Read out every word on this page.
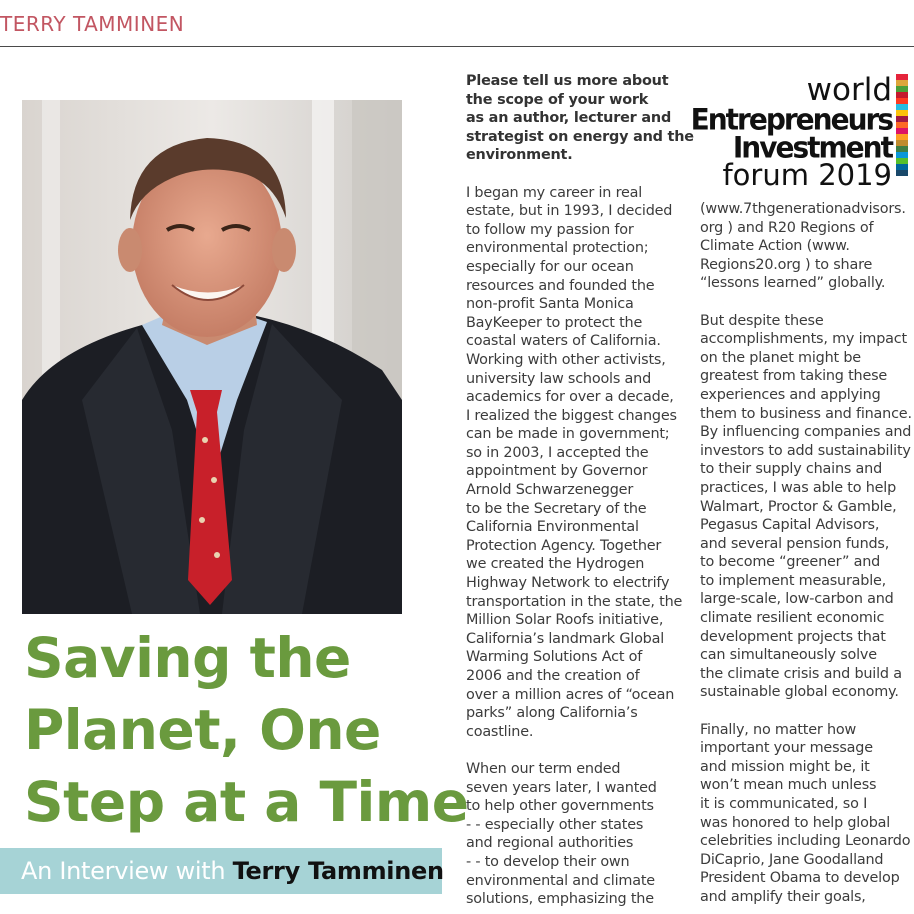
TERRY TAMMINEN
Saving the
Planet, One
Step at a Time
An Interview with Terry Tamminen
Please tell us more about
the scope of your work
as an author, lecturer and
strategist on energy and the
environment.
I began my career in real
estate, but in 1993, I decided
to follow my passion for
environmental protection;
especially for our ocean
resources and founded the
non-profit Santa Monica
BayKeeper to protect the
coastal waters of California.
Working with other activists,
university law schools and
academics for over a decade,
I realized the biggest changes
can be made in government;
so in 2003, I accepted the
appointment by Governor
Arnold Schwarzenegger
to be the Secretary of the
California Environmental
Protection Agency. Together
we created the Hydrogen
Highway Network to electrify
transportation in the state, the
Million Solar Roofs initiative,
California’s landmark Global
Warming Solutions Act of
2006 and the creation of
over a million acres of “ocean
parks” along California’s
coastline.
When our term ended
seven years later, I wanted
to help other governments
- - especially other states
and regional authorities
- - to develop their own
environmental and climate
solutions, emphasizing the
world
Entrepreneurs
Investment
forum 2019
(www.7thgenerationadvisors.
org ) and R20 Regions of
Climate Action (www.
Regions20.org ) to share
“lessons learned” globally.
But despite these
accomplishments, my impact
on the planet might be
greatest from taking these
experiences and applying
them to business and finance.
By influencing companies and
investors to add sustainability
to their supply chains and
practices, I was able to help
Walmart, Proctor & Gamble,
Pegasus Capital Advisors,
and several pension funds,
to become “greener” and
to implement measurable,
large-scale, low-carbon and
climate resilient economic
development projects that
can simultaneously solve
the climate crisis and build a
sustainable global economy.
Finally, no matter how
important your message
and mission might be, it
won’t mean much unless
it is communicated, so I
was honored to help global
celebrities including Leonardo
DiCaprio, Jane Goodalland
President Obama to develop
and amplify their goals,
